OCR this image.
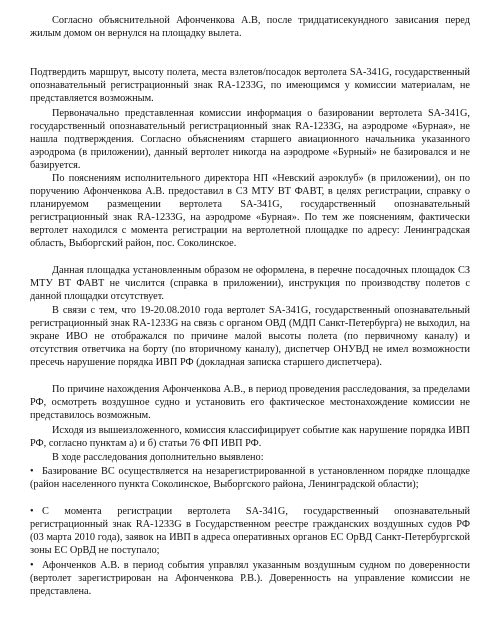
Согласно объяснительной Афонченкова А.В, после тридцатисекундного зависания перед жилым домом он вернулся на площадку вылета.

Подтвердить маршрут, высоту полета, места взлетов/посадок вертолета SA-341G, государственный опознавательный регистрационный знак RA-1233G, по имеющимся у комиссии материалам, не представляется возможным.

Первоначально представленная комиссии информация о базировании вертолета SA-341G, государственный опознавательный регистрационный знак RA-1233G, на аэродроме «Бурная», не нашла подтверждения. Согласно объяснениям старшего авиационного начальника указанного аэродрома (в приложении), данный вертолет никогда на аэродроме «Бурный» не базировался и не базируется.

По пояснениям исполнительного директора НП «Невский аэроклуб» (в приложении), он по поручению Афонченкова А.В. предоставил в СЗ МТУ ВТ ФАВТ, в целях регистрации, справку о планируемом размещении вертолета SA-341G, государственный опознавательный регистрационный знак RA-1233G, на аэродроме «Бурная». По тем же пояснениям, фактически вертолет находился с момента регистрации на вертолетной площадке по адресу: Ленинградская область, Выборгский район, пос. Соколинское.

Данная площадка установленным образом не оформлена, в перечне посадочных площадок СЗ МТУ ВТ ФАВТ не числится (справка в приложении), инструкция по производству полетов с данной площадки отсутствует.

В связи с тем, что 19-20.08.2010 года вертолет SA-341G, государственный опознавательный регистрационный знак RA-1233G на связь с органом ОВД (МДП Санкт-Петербурга) не выходил, на экране ИВО не отображался по причине малой высоты полета (по первичному каналу) и отсутствия ответчика на борту (по вторичному каналу), диспетчер ОНУВД не имел возможности пресечь нарушение порядка ИВП РФ (докладная записка старшего диспетчера).

По причине нахождения Афонченкова А.В., в период проведения расследования, за пределами РФ, осмотреть воздушное судно и установить его фактическое местонахождение комиссии не представилось возможным.

Исходя из вышеизложенного, комиссия классифицирует событие как нарушение порядка ИВП РФ, согласно пунктам а) и б) статьи 76 ФП ИВП РФ.

В ходе расследования дополнительно выявлено:

• Базирование ВС осуществляется на незарегистрированной в установленном порядке площадке (район населенного пункта Соколинское, Выборгского района, Ленинградской области);

• С момента регистрации вертолета SA-341G, государственный опознавательный регистрационный знак RA-1233G в Государственном реестре гражданских воздушных судов РФ (03 марта 2010 года), заявок на ИВП в адреса оперативных органов ЕС ОрВД Санкт-Петербургской зоны ЕС ОрВД не поступало;

• Афонченков А.В. в период события управлял указанным воздушным судном по доверенности (вертолет зарегистрирован на Афонченкова Р.В.). Доверенность на управление комиссии не представлена.
